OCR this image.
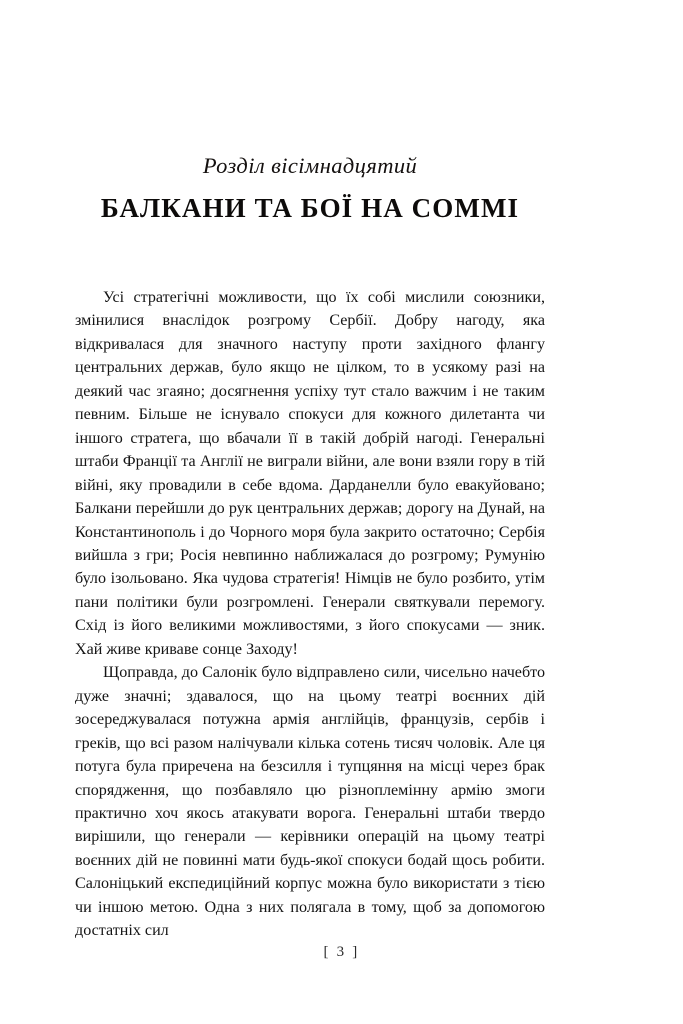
Розділ вісімнадцятий
БАЛКАНИ ТА БОЇ НА СОММІ

Усі стратегічні можливости, що їх собі мислили союзники, змінилися внаслідок розгрому Сербії. Добру нагоду, яка відкривалася для значного наступу проти західного флангу центральних держав, було якщо не цілком, то в усякому разі на деякий час згаяно; досягнення успіху тут стало важчим і не таким певним. Більше не існувало спокуси для кожного дилетанта чи іншого стратега, що вбачали її в такій добрій нагоді. Генеральні штаби Франції та Англії не виграли війни, але вони взяли гору в тій війні, яку провадили в себе вдома. Дарданелли було евакуйовано; Балкани перейшли до рук центральних держав; дорогу на Дунай, на Константинополь і до Чорного моря була закрито остаточно; Сербія вийшла з гри; Росія невпинно наближалася до розгрому; Румунію було ізольовано. Яка чудова стратегія! Німців не було розбито, утім пани політики були розгромлені. Генерали святкували перемогу. Схід із його великими можливостями, з його спокусами — зник. Хай живе криваве сонце Заходу!

Щоправда, до Салонік було відправлено сили, чисельно начебто дуже значні; здавалося, що на цьому театрі воєнних дій зосереджувалася потужна армія англійців, французів, сербів і греків, що всі разом налічували кілька сотень тисяч чоловік. Але ця потуга була приречена на безсилля і тупцяння на місці через брак спорядження, що позбавляло цю різноплемінну армію змоги практично хоч якось атакувати ворога. Генеральні штаби твердо вирішили, що генерали — керівники операцій на цьому театрі воєнних дій не повинні мати будь-якої спокуси бодай щось робити. Салоніцький експедиційний корпус можна було використати з тією чи іншою метою. Одна з них полягала в тому, щоб за допомогою достатніх сил

[ 3 ]
